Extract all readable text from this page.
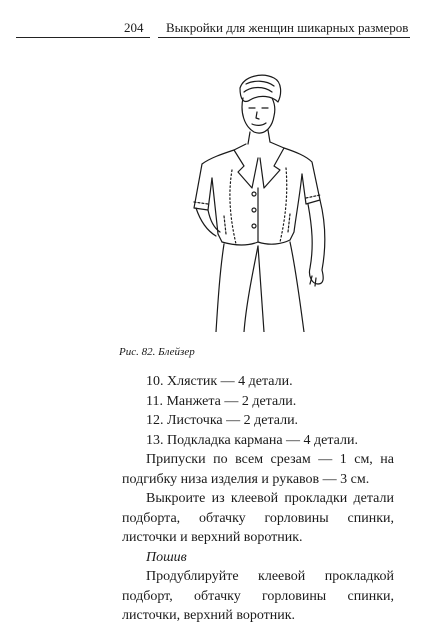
204 Выкройки для женщин шикарных размеров
Рис. 82. Блейзер

10. Хлястик — 4 детали.

11. Манжета — 2 детали.

12. Листочка — 2 детали.

13. Подкладка кармана — 4 детали.

Припуски по всем срезам — 1 см, на подгибку низа изделия и рукавов — 3 см.

Выкроите из клеевой прокладки детали подборта, обтачку горловины спинки, листочки и верхний воротник.

Пошив

Продублируйте клеевой прокладкой подборт, обтачку горловины спинки, листочки, верхний воротник.
